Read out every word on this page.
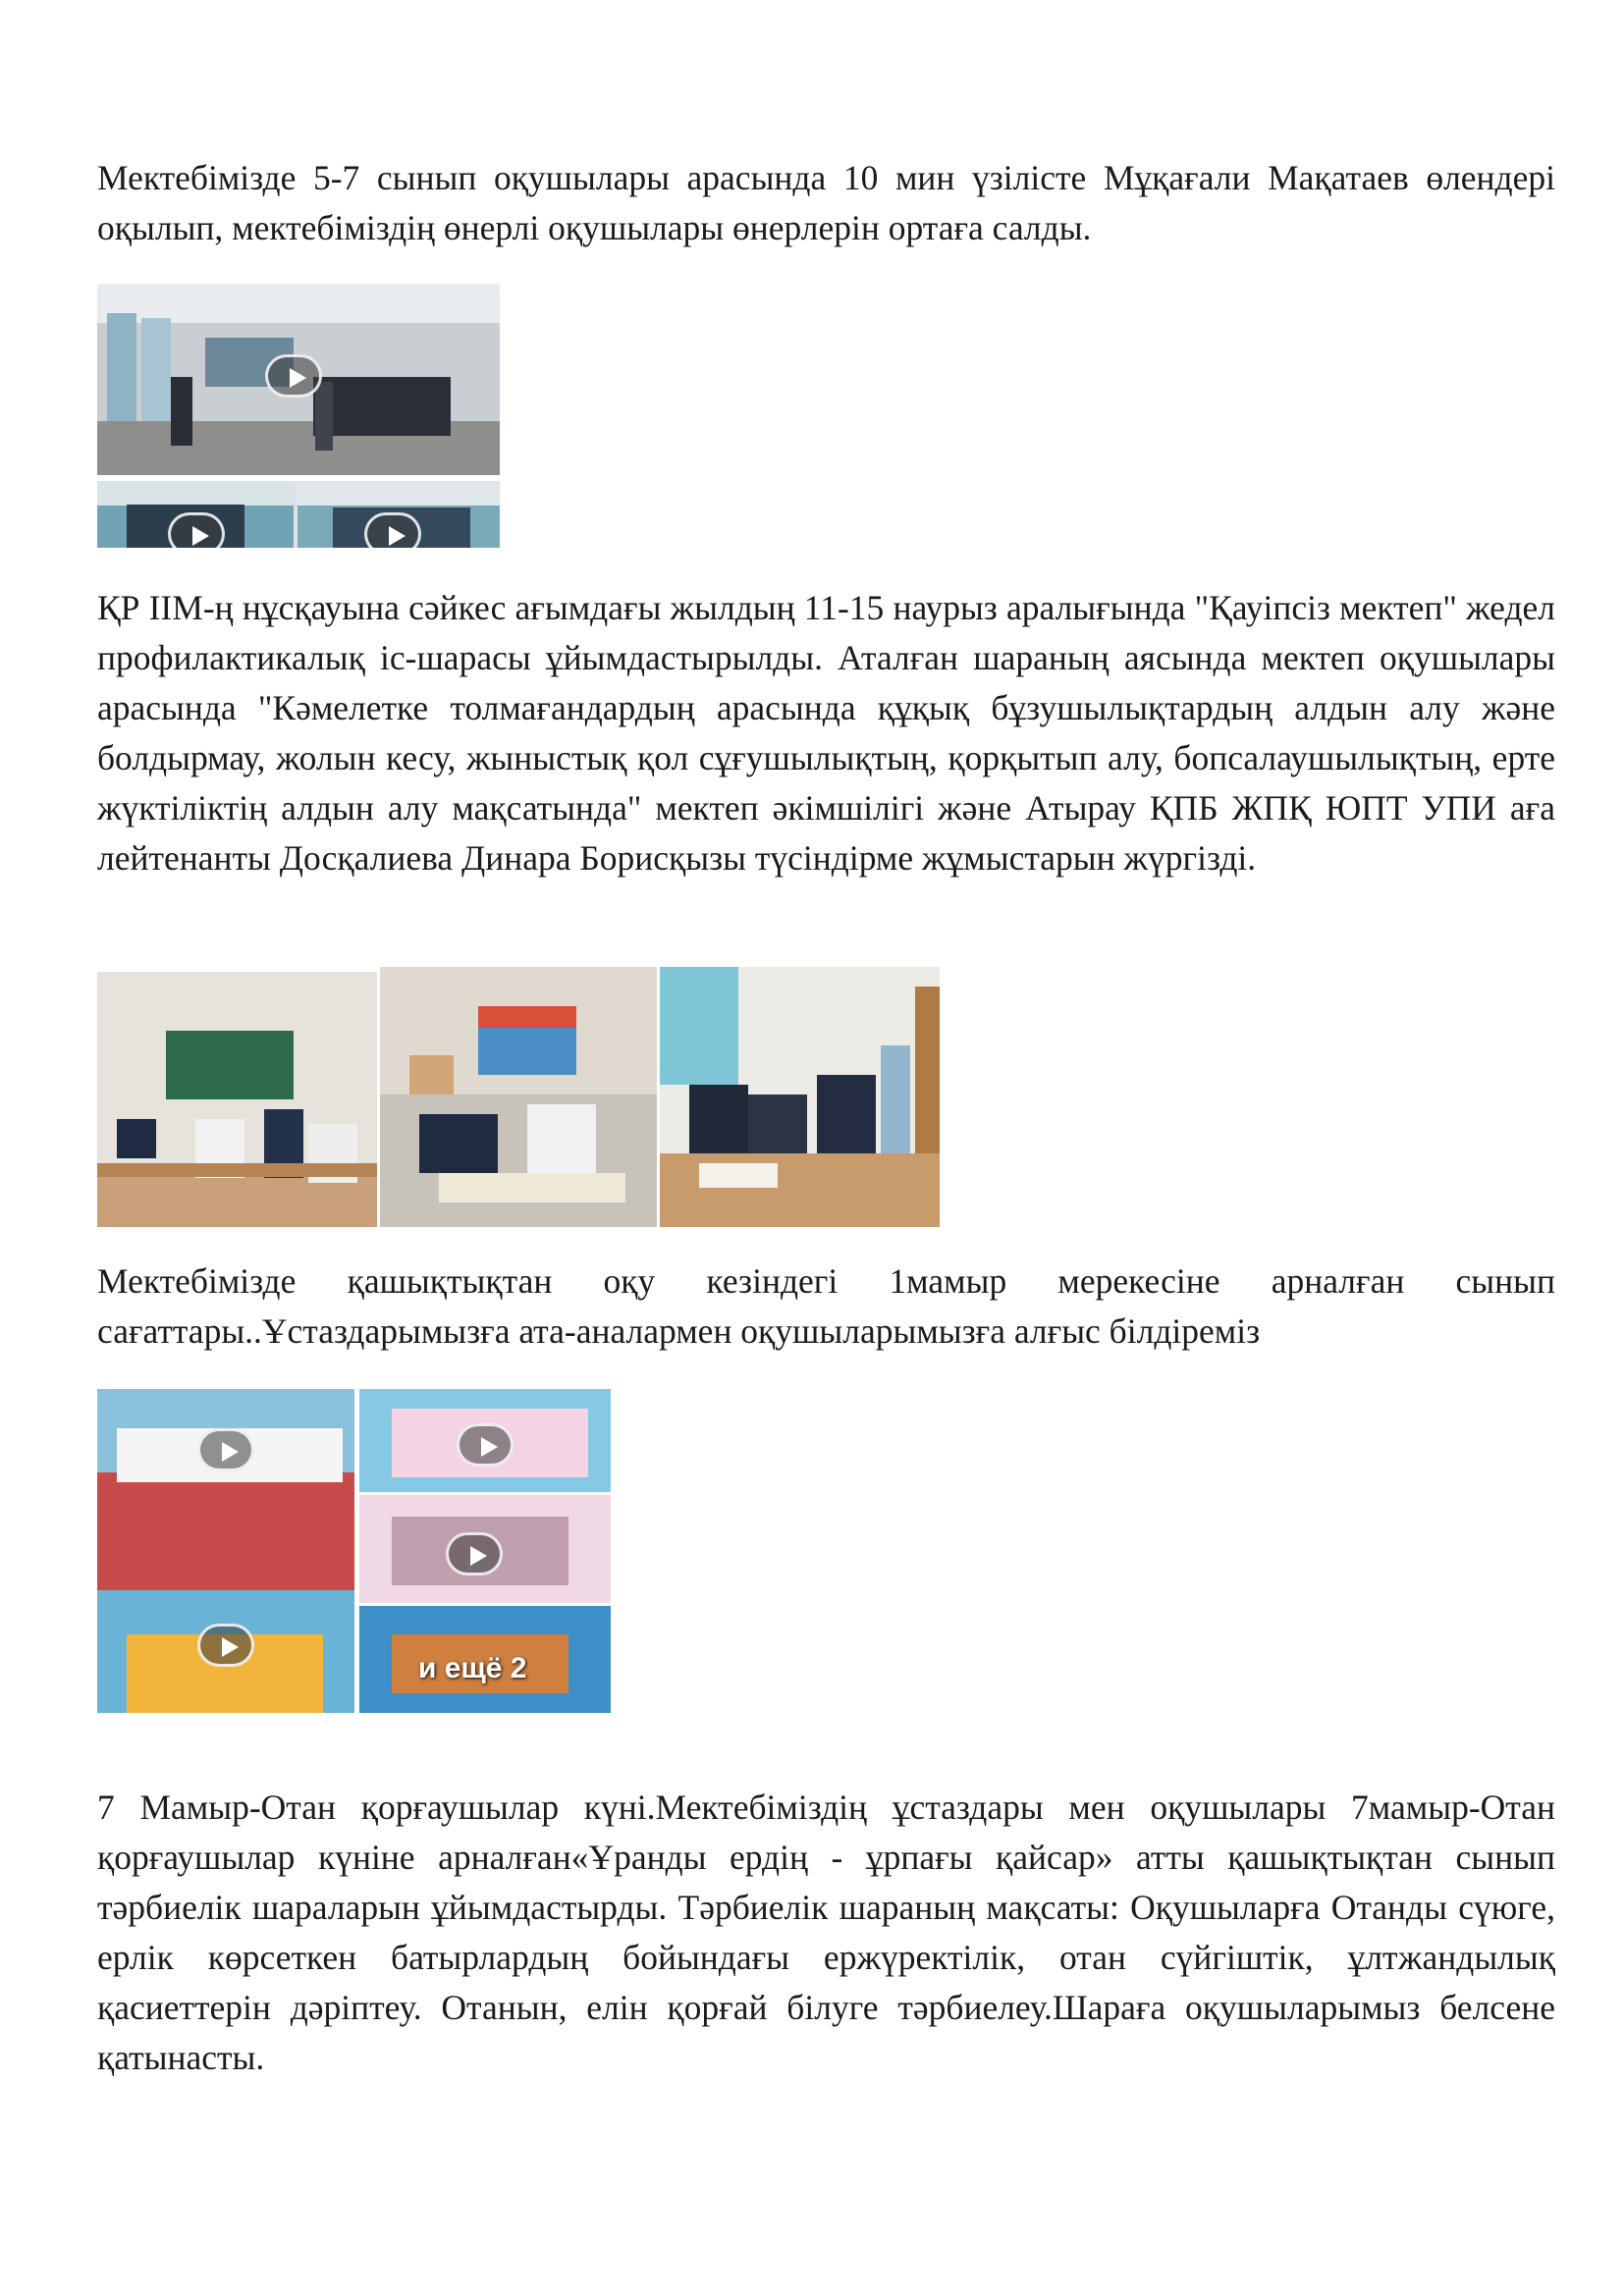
Мектебімізде 5-7 сынып оқушылары арасында 10 мин үзілісте Мұқағали Мақатаев өлендері оқылып, мектебіміздің өнерлі оқушылары өнерлерін ортаға салды.

ҚР ІІМ-ң нұсқауына сәйкес ағымдағы жылдың 11-15 наурыз аралығында "Қауіпсіз мектеп" жедел профилактикалық іс-шарасы ұйымдастырылды. Аталған шараның аясында мектеп оқушылары арасында "Кәмелетке толмағандардың арасында құқық бұзушылықтардың алдын алу және болдырмау, жолын кесу, жыныстық қол сұғушылықтың, қорқытып алу, бопсалаушылықтың, ерте жүктіліктің алдын алу мақсатында" мектеп әкімшілігі және Атырау ҚПБ ЖПҚ ЮПТ УПИ аға лейтенанты Досқалиева Динара Борисқызы түсіндірме жұмыстарын жүргізді.

Мектебімізде қашықтықтан оқу кезіндегі 1мамыр мерекесіне арналған сынып сағаттары..Ұстаздарымызға ата-аналармен оқушыларымызға алғыс білдіреміз

и ещё 2

7 Мамыр-Отан қорғаушылар күні.Мектебіміздің ұстаздары мен оқушылары 7мамыр-Отан қорғаушылар күніне арналған«Ұранды ердің - ұрпағы қайсар» атты қашықтықтан сынып тәрбиелік шараларын ұйымдастырды. Тәрбиелік шараның мақсаты: Оқушыларға Отанды сүюге, ерлік көрсеткен батырлардың бойындағы ержүректілік, отан сүйгіштік, ұлтжандылық қасиеттерін дәріптеу. Отанын, елін қорғай білуге тәрбиелеу.Шараға оқушыларымыз белсене қатынасты.
